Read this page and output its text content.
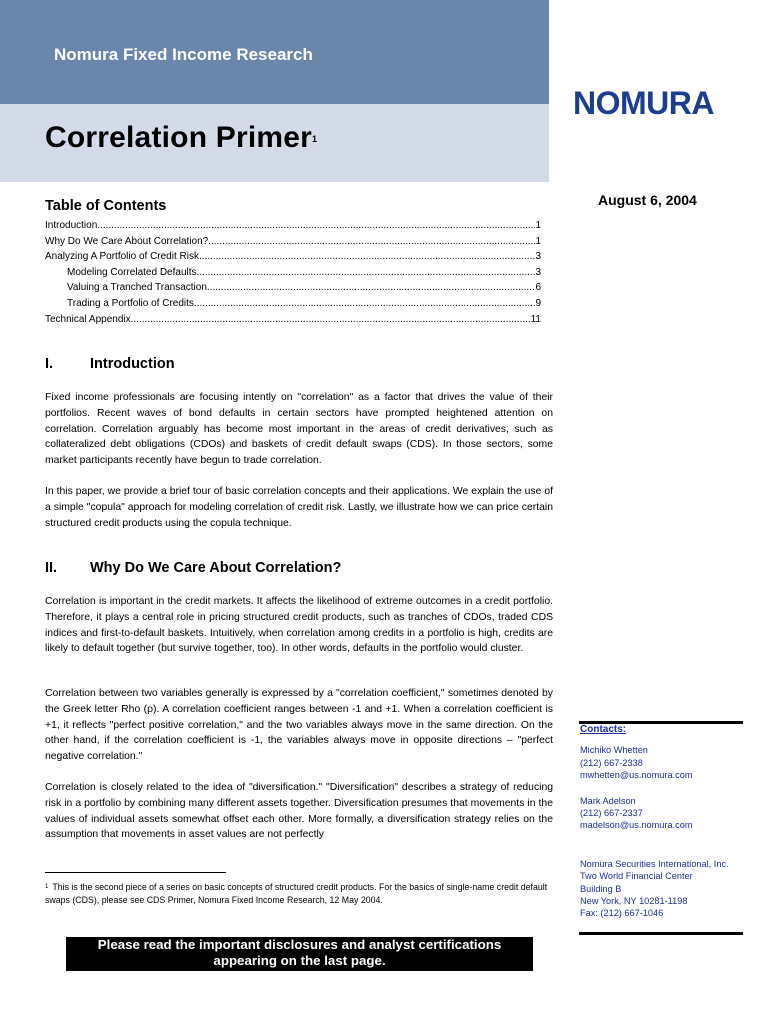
Nomura Fixed Income Research
Correlation Primer$^1$
NOMURA
August 6, 2004
Table of Contents
Introduction .....	1
Why Do We Care About Correlation? .....	1
Analyzing A Portfolio of Credit Risk .....	3
Modeling Correlated Defaults .....	3
Valuing a Tranched Transaction .....	6
Trading a Portfolio of Credits .....	9
Technical Appendix .....	11
I.	Introduction
Fixed income professionals are focusing intently on "correlation" as a factor that drives the value of their portfolios. Recent waves of bond defaults in certain sectors have prompted heightened attention on correlation. Correlation arguably has become most important in the areas of credit derivatives, such as collateralized debt obligations (CDOs) and baskets of credit default swaps (CDS). In those sectors, some market participants recently have begun to trade correlation.
In this paper, we provide a brief tour of basic correlation concepts and their applications. We explain the use of a simple "copula" approach for modeling correlation of credit risk. Lastly, we illustrate how we can price certain structured credit products using the copula technique.
II. Why Do We Care About Correlation?
Correlation is important in the credit markets. It affects the likelihood of extreme outcomes in a credit portfolio. Therefore, it plays a central role in pricing structured credit products, such as tranches of CDOs, traded CDS indices and first-to-default baskets. Intuitively, when correlation among credits in a portfolio is high, credits are likely to default together (but survive together, too). In other words, defaults in the portfolio would cluster.
Correlation between two variables generally is expressed by a "correlation coefficient," sometimes denoted by the Greek letter Rho (ρ). A correlation coefficient ranges between -1 and +1. When a correlation coefficient is +1, it reflects "perfect positive correlation," and the two variables always move in the same direction. On the other hand, if the correlation coefficient is -1, the variables always move in opposite directions – "perfect negative correlation."
Correlation is closely related to the idea of "diversification." "Diversification" describes a strategy of reducing risk in a portfolio by combining many different assets together. Diversification presumes that movements in the values of individual assets somewhat offset each other. More formally, a diversification strategy relies on the assumption that movements in asset values are not perfectly
$^1$ This is the second piece of a series on basic concepts of structured credit products. For the basics of single-name credit default swaps (CDS), please see CDS Primer, Nomura Fixed Income Research, 12 May 2004.
Please read the important disclosures and analyst certifications
appearing on the last page.
Contacts:
Michiko Whetten
(212) 667-2338
mwhetten@us.nomura.com
Mark Adelson
(212) 667-2337
madelson@us.nomura.com
Nomura Securities International, Inc.
Two World Financial Center
Building B
New York, NY 10281-1198
Fax: (212) 667-1046
